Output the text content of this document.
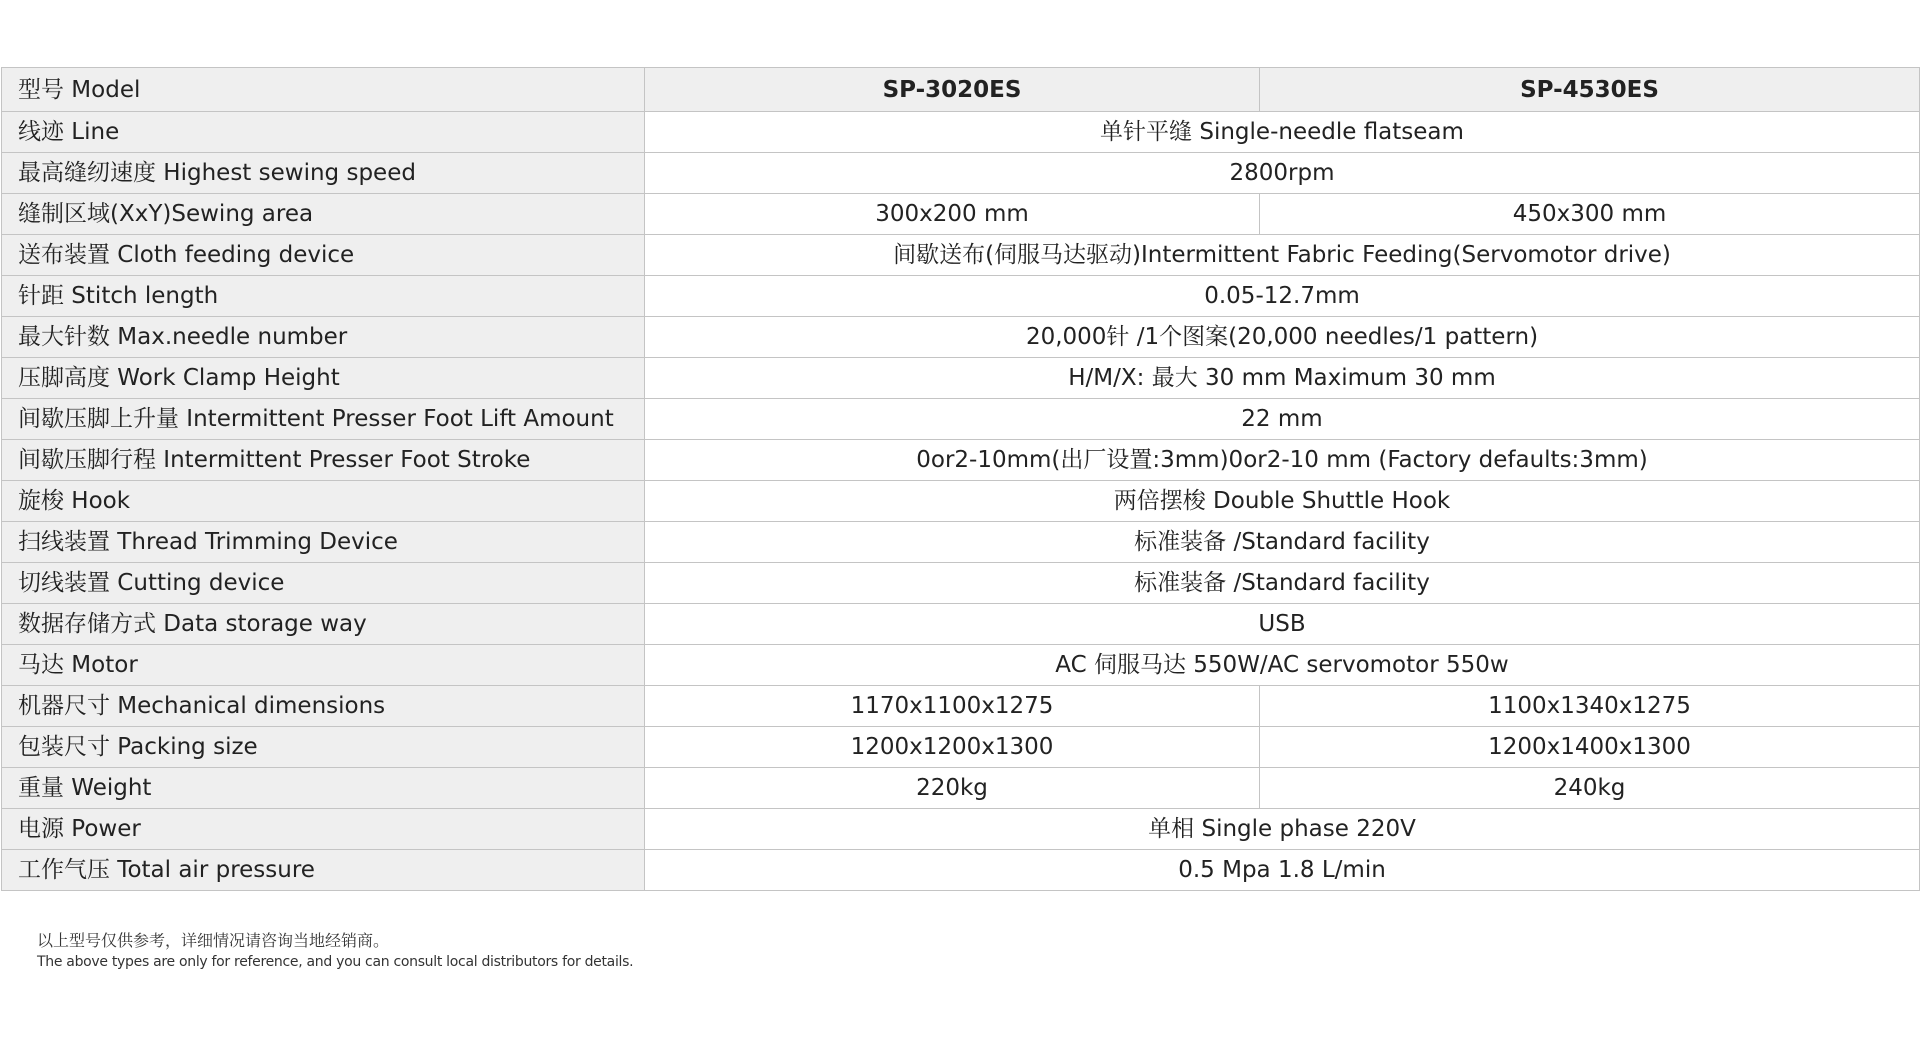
型号 Model	SP-3020ES	SP-4530ES
线迹 Line	单针平缝 Single-needle flatseam	
最高缝纫速度 Highest sewing speed	2800rpm	
缝制区域(XxY)Sewing area	300x200 mm	450x300 mm
送布装置 Cloth feeding device	间歇送布(伺服马达驱动)Intermittent Fabric Feeding(Servomotor drive)	
针距 Stitch length	0.05-12.7mm	
最大针数 Max.needle number	20,000针 /1个图案(20,000 needles/1 pattern)	
压脚高度 Work Clamp Height	H/M/X: 最大 30 mm Maximum 30 mm	
间歇压脚上升量 Intermittent Presser Foot Lift Amount	22 mm	
间歇压脚行程 Intermittent Presser Foot Stroke	0or2-10mm(出厂设置:3mm)0or2-10 mm (Factory defaults:3mm)	
旋梭 Hook	两倍摆梭 Double Shuttle Hook	
扫线装置 Thread Trimming Device	标准装备 /Standard facility	
切线装置 Cutting device	标准装备 /Standard facility	
数据存储方式 Data storage way	USB	
马达 Motor	AC 伺服马达 550W/AC servomotor 550w	
机器尺寸 Mechanical dimensions	1170x1100x1275	1100x1340x1275
包装尺寸 Packing size	1200x1200x1300	1200x1400x1300
重量 Weight	220kg	240kg
电源 Power	单相 Single phase 220V	
工作气压 Total air pressure	0.5 Mpa 1.8 L/min	
以上型号仅供参考，详细情况请咨询当地经销商。
The above types are only for reference, and you can consult local distributors for details.
